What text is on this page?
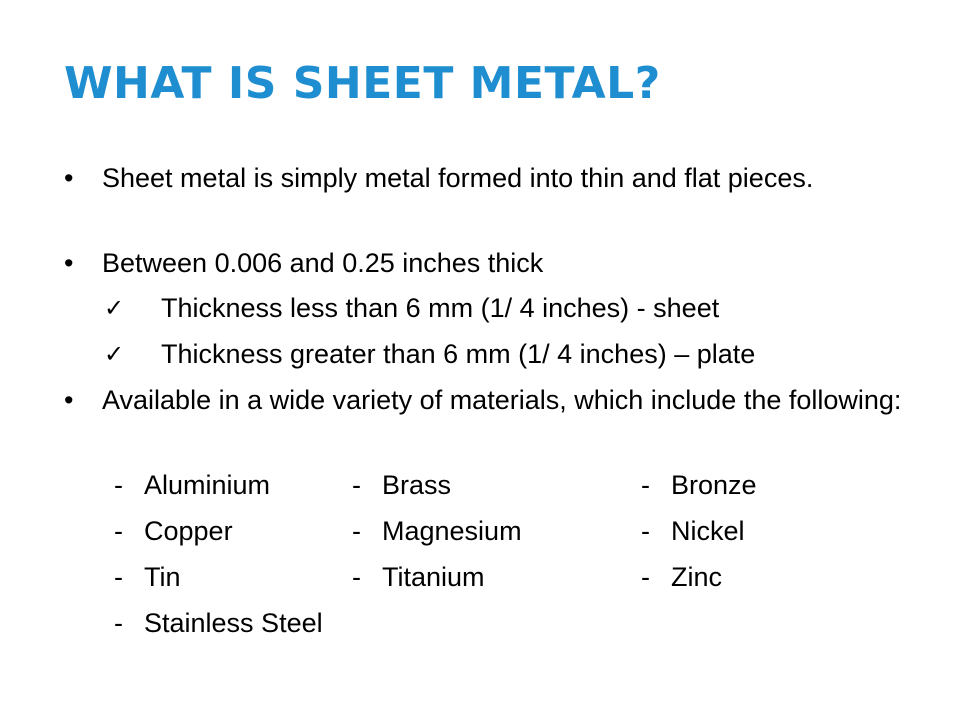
WHAT IS SHEET METAL?
•	Sheet metal is simply metal formed into thin and flat pieces.
•	Between 0.006 and 0.25 inches thick
✓	Thickness less than 6 mm (1/ 4 inches) - sheet
✓	Thickness greater than 6 mm (1/ 4 inches) – plate
•	Available in a wide variety of materials, which include the following:
- Aluminium	- Brass	- Bronze
- Copper	- Magnesium	- Nickel
- Tin	- Titanium	- Zinc
- Stainless Steel
